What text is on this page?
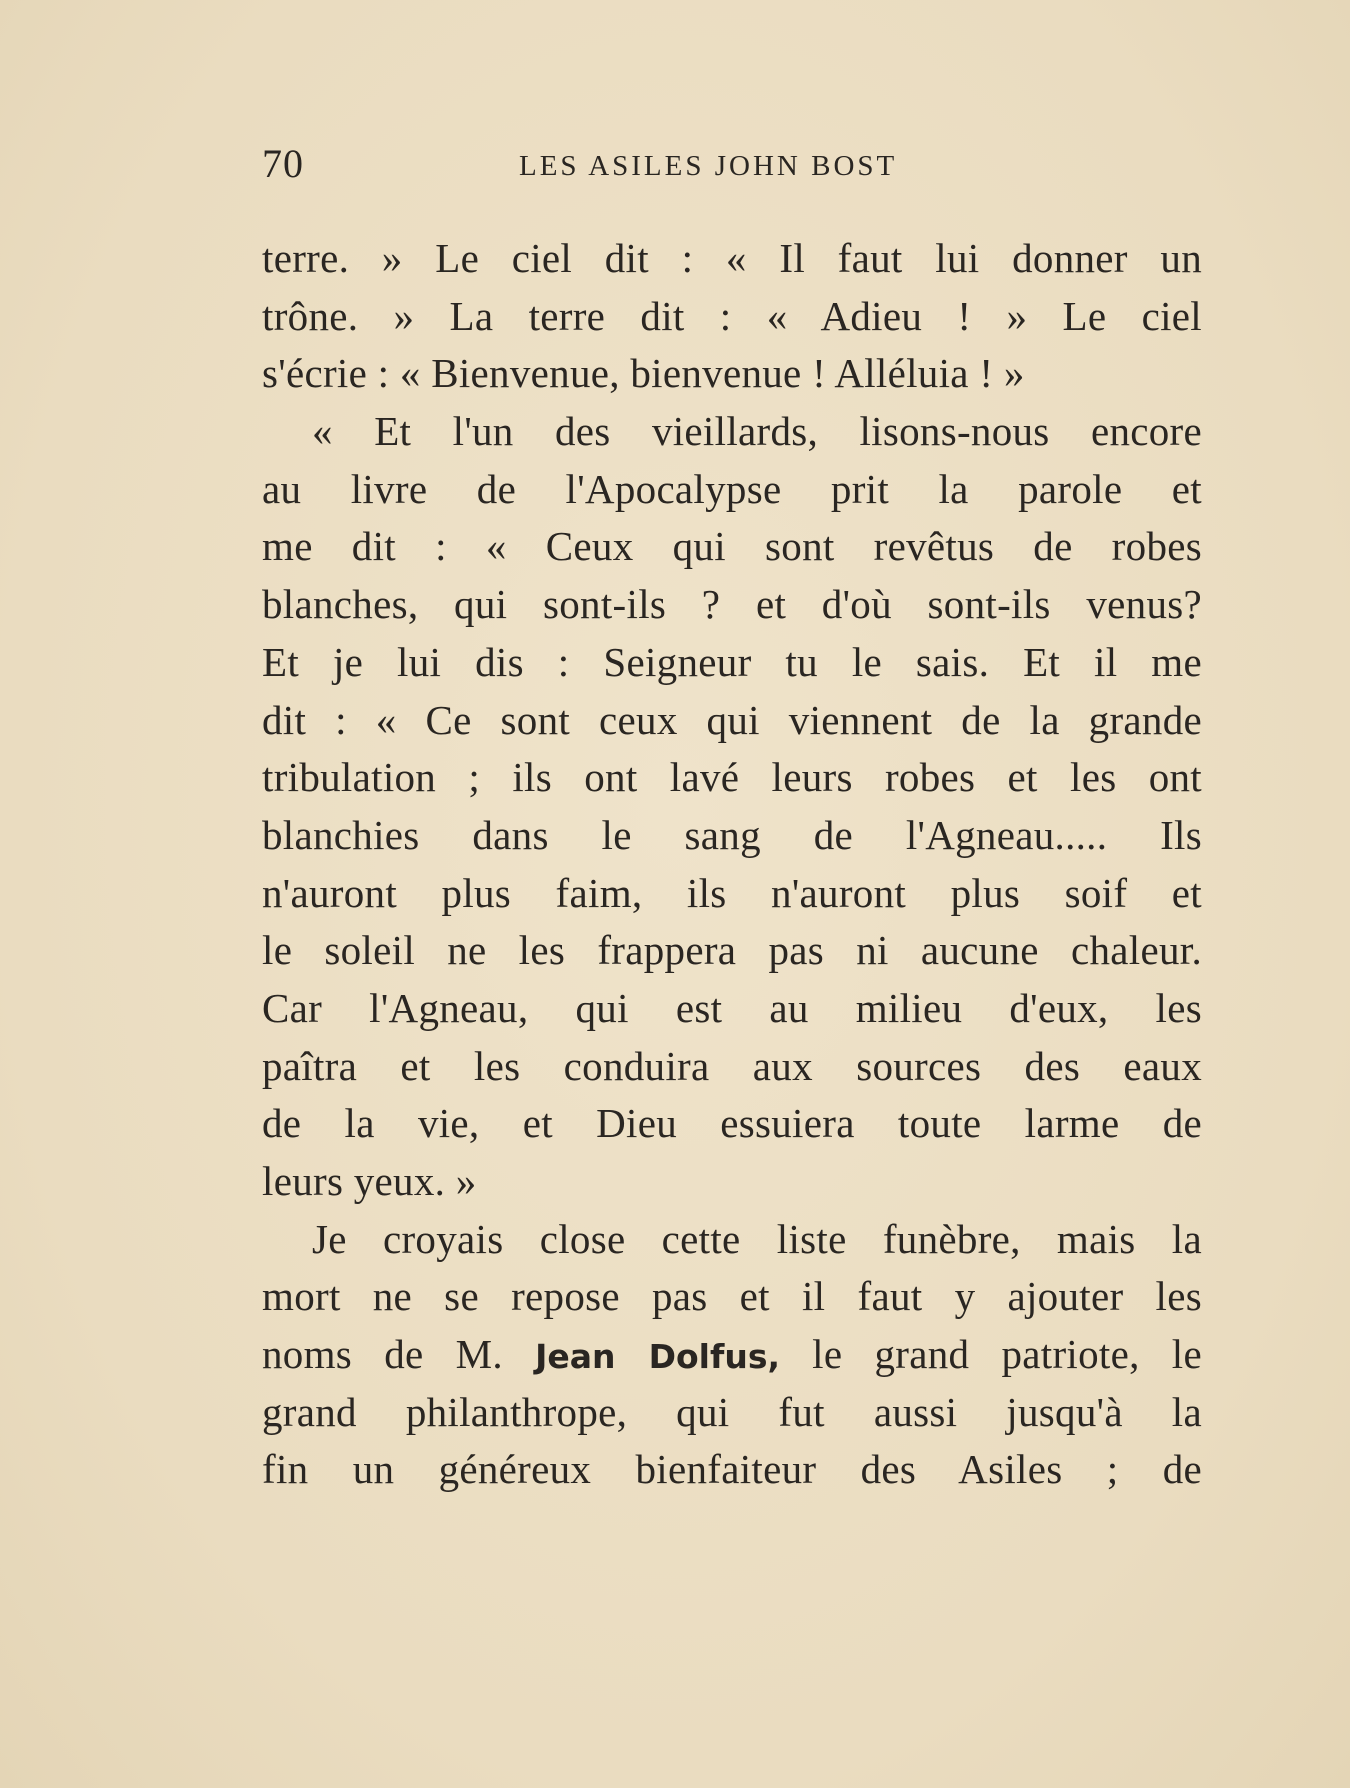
70	LES ASILES JOHN BOST
terre. » Le ciel dit : « Il faut lui donner un
trône. » La terre dit : « Adieu ! » Le ciel
s'écrie : « Bienvenue, bienvenue ! Alléluia ! »
« Et l'un des vieillards, lisons-nous encore
au livre de l'Apocalypse prit la parole et
me dit : « Ceux qui sont revêtus de robes
blanches, qui sont-ils ? et d'où sont-ils venus?
Et je lui dis : Seigneur tu le sais. Et il me
dit : « Ce sont ceux qui viennent de la grande
tribulation ; ils ont lavé leurs robes et les ont
blanchies dans le sang de l'Agneau..... Ils
n'auront plus faim, ils n'auront plus soif et
le soleil ne les frappera pas ni aucune chaleur.
Car l'Agneau, qui est au milieu d'eux, les
paîtra et les conduira aux sources des eaux
de la vie, et Dieu essuiera toute larme de
leurs yeux. »
Je croyais close cette liste funèbre, mais la
mort ne se repose pas et il faut y ajouter les
noms de M. Jean Dolfus, le grand patriote, le
grand philanthrope, qui fut aussi jusqu'à la
fin un généreux bienfaiteur des Asiles ; de
